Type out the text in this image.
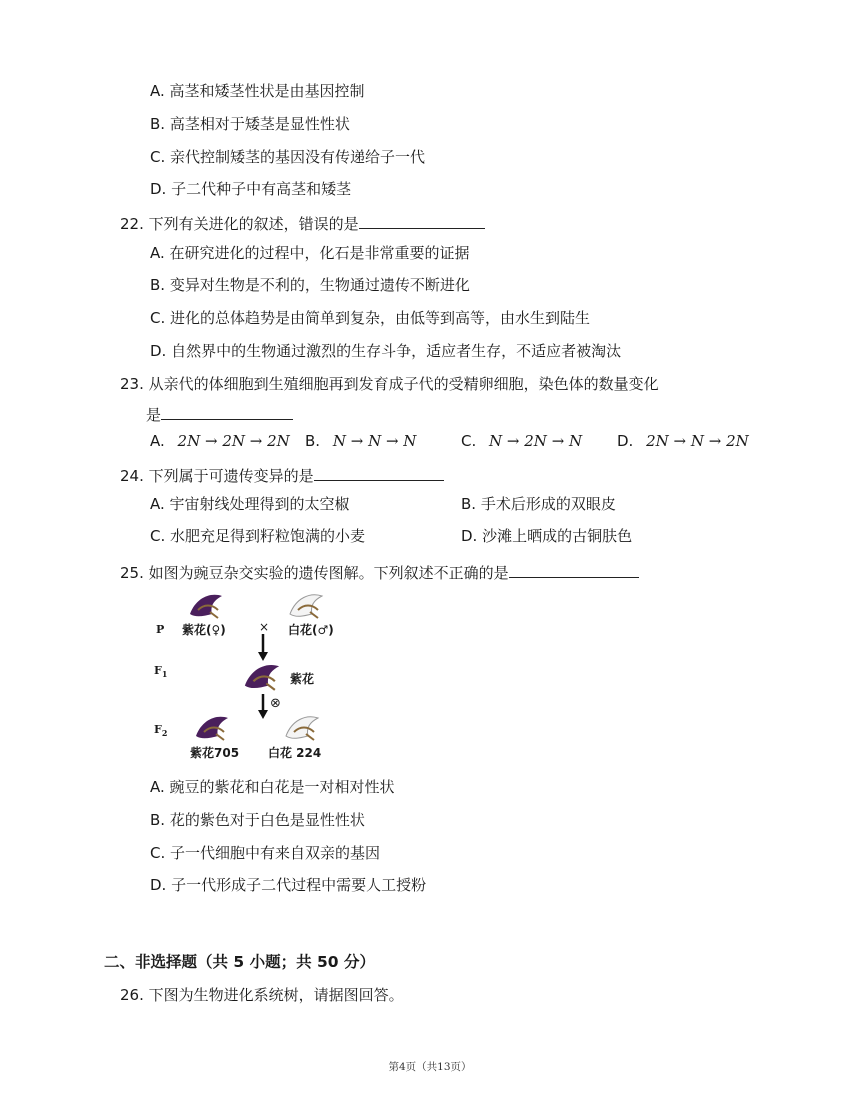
A. 高茎和矮茎性状是由基因控制
B. 高茎相对于矮茎是显性性状
C. 亲代控制矮茎的基因没有传递给子一代
D. 子二代种子中有高茎和矮茎
22. 下列有关进化的叙述，错误的是
A. 在研究进化的过程中，化石是非常重要的证据
B. 变异对生物是不利的，生物通过遗传不断进化
C. 进化的总体趋势是由简单到复杂，由低等到高等，由水生到陆生
D. 自然界中的生物通过激烈的生存斗争，适应者生存，不适应者被淘汰
23. 从亲代的体细胞到生殖细胞再到发育成子代的受精卵细胞，染色体的数量变化
是
A. 2N → 2N → 2N B. N → N → N	C. N → 2N → N D. 2N → N → 2N
24. 下列属于可遗传变异的是
A. 宇宙射线处理得到的太空椒	B. 手术后形成的双眼皮
C. 水肥充足得到籽粒饱满的小麦	D. 沙滩上晒成的古铜肤色
25. 如图为豌豆杂交实验的遗传图解。下列叙述不正确的是
P
$F_1$
$F_2$
紫花(♀)	× 白花(♂)
紫花
⊗
紫花705 白花 224
A. 豌豆的紫花和白花是一对相对性状
B. 花的紫色对于白色是显性性状
C. 子一代细胞中有来自双亲的基因
D. 子一代形成子二代过程中需要人工授粉
二、非选择题（共 5 小题；共 50 分）
26. 下图为生物进化系统树，请据图回答。
第4页（共13页）
